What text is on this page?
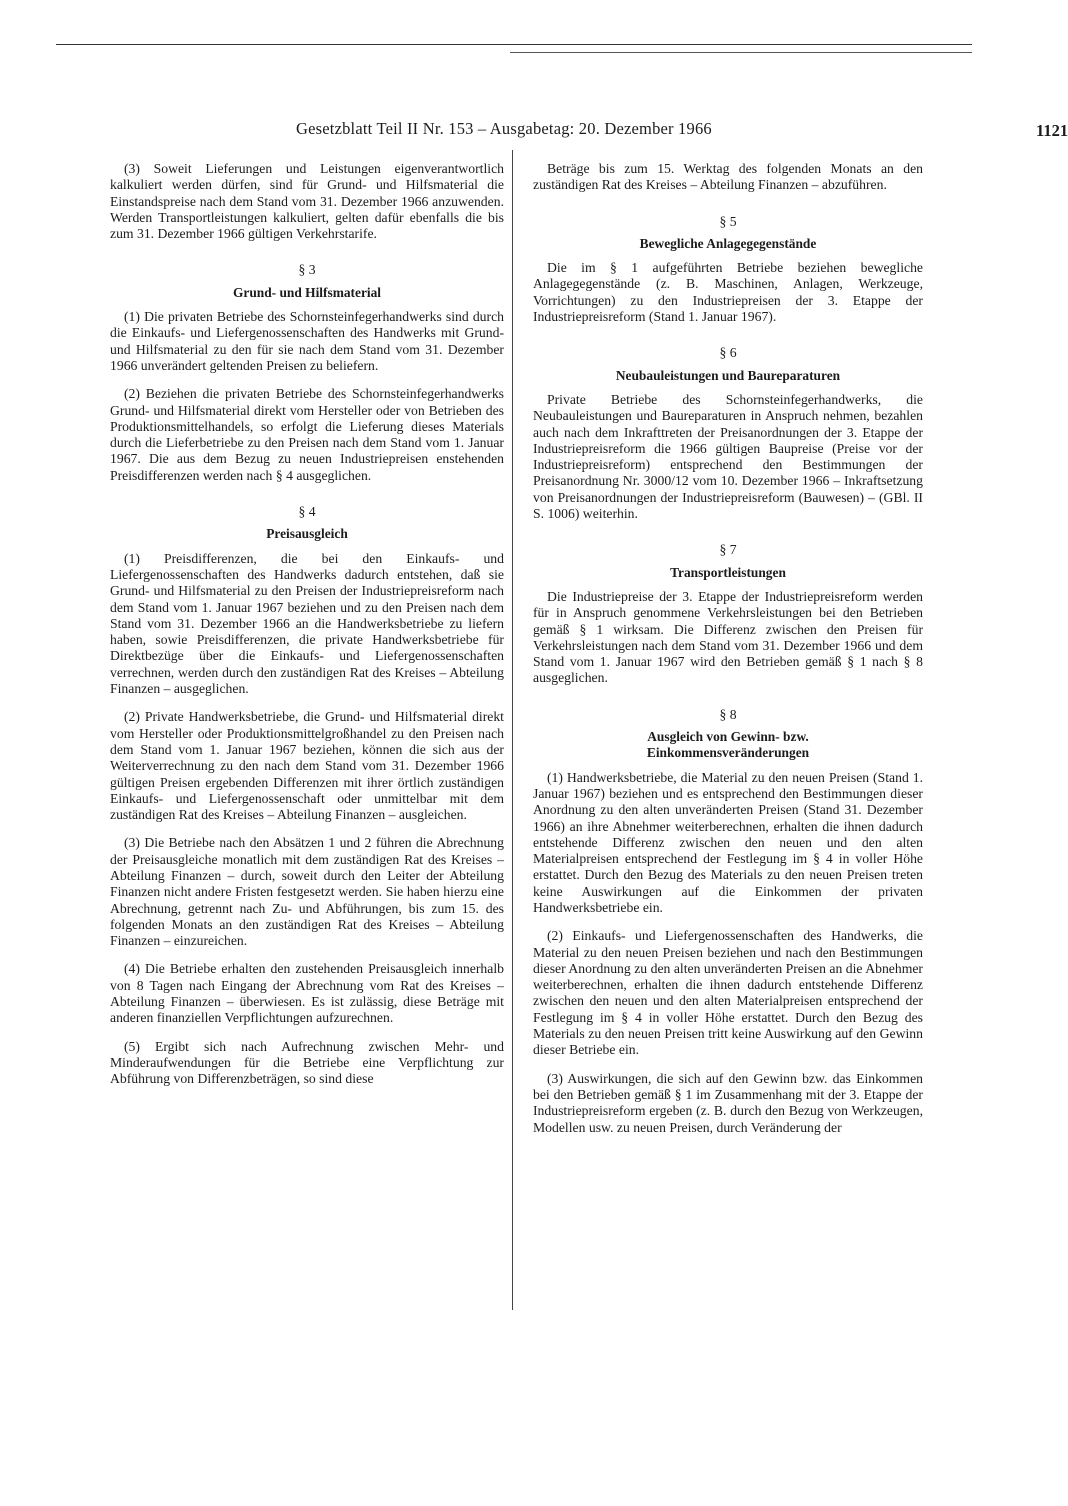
Gesetzblatt Teil II Nr. 153 – Ausgabetag: 20. Dezember 1966	1121

(3) Soweit Lieferungen und Leistungen eigenverantwortlich kalkuliert werden dürfen, sind für Grund- und Hilfsmaterial die Einstandspreise nach dem Stand vom 31. Dezember 1966 anzuwenden. Werden Transportleistungen kalkuliert, gelten dafür ebenfalls die bis zum 31. Dezember 1966 gültigen Verkehrstarife.

§ 3
Grund- und Hilfsmaterial

(1) Die privaten Betriebe des Schornsteinfegerhandwerks sind durch die Einkaufs- und Liefergenossenschaften des Handwerks mit Grund- und Hilfsmaterial zu den für sie nach dem Stand vom 31. Dezember 1966 unverändert geltenden Preisen zu beliefern.

(2) Beziehen die privaten Betriebe des Schornsteinfegerhandwerks Grund- und Hilfsmaterial direkt vom Hersteller oder von Betrieben des Produktionsmittelhandels, so erfolgt die Lieferung dieses Materials durch die Lieferbetriebe zu den Preisen nach dem Stand vom 1. Januar 1967. Die aus dem Bezug zu neuen Industriepreisen enstehenden Preisdifferenzen werden nach § 4 ausgeglichen.

§ 4
Preisausgleich

(1) Preisdifferenzen, die bei den Einkaufs- und Liefergenossenschaften des Handwerks dadurch entstehen, daß sie Grund- und Hilfsmaterial zu den Preisen der Industriepreisreform nach dem Stand vom 1. Januar 1967 beziehen und zu den Preisen nach dem Stand vom 31. Dezember 1966 an die Handwerksbetriebe zu liefern haben, sowie Preisdifferenzen, die private Handwerksbetriebe für Direktbezüge über die Einkaufs- und Liefergenossenschaften verrechnen, werden durch den zuständigen Rat des Kreises – Abteilung Finanzen – ausgeglichen.

(2) Private Handwerksbetriebe, die Grund- und Hilfsmaterial direkt vom Hersteller oder Produktionsmittelgroßhandel zu den Preisen nach dem Stand vom 1. Januar 1967 beziehen, können die sich aus der Weiterverrechnung zu den nach dem Stand vom 31. Dezember 1966 gültigen Preisen ergebenden Differenzen mit ihrer örtlich zuständigen Einkaufs- und Liefergenossenschaft oder unmittelbar mit dem zuständigen Rat des Kreises – Abteilung Finanzen – ausgleichen.

(3) Die Betriebe nach den Absätzen 1 und 2 führen die Abrechnung der Preisausgleiche monatlich mit dem zuständigen Rat des Kreises – Abteilung Finanzen – durch, soweit durch den Leiter der Abteilung Finanzen nicht andere Fristen festgesetzt werden. Sie haben hierzu eine Abrechnung, getrennt nach Zu- und Abführungen, bis zum 15. des folgenden Monats an den zuständigen Rat des Kreises – Abteilung Finanzen – einzureichen.

(4) Die Betriebe erhalten den zustehenden Preisausgleich innerhalb von 8 Tagen nach Eingang der Abrechnung vom Rat des Kreises – Abteilung Finanzen – überwiesen. Es ist zulässig, diese Beträge mit anderen finanziellen Verpflichtungen aufzurechnen.

(5) Ergibt sich nach Aufrechnung zwischen Mehr- und Minderaufwendungen für die Betriebe eine Verpflichtung zur Abführung von Differenzbeträgen, so sind diese

Beträge bis zum 15. Werktag des folgenden Monats an den zuständigen Rat des Kreises – Abteilung Finanzen – abzuführen.

§ 5
Bewegliche Anlagegegenstände

Die im § 1 aufgeführten Betriebe beziehen bewegliche Anlagegegenstände (z. B. Maschinen, Anlagen, Werkzeuge, Vorrichtungen) zu den Industriepreisen der 3. Etappe der Industriepreisreform (Stand 1. Januar 1967).

§ 6
Neubauleistungen und Baureparaturen

Private Betriebe des Schornsteinfegerhandwerks, die Neubauleistungen und Baureparaturen in Anspruch nehmen, bezahlen auch nach dem Inkrafttreten der Preisanordnungen der 3. Etappe der Industriepreisreform die 1966 gültigen Baupreise (Preise vor der Industriepreisreform) entsprechend den Bestimmungen der Preisanordnung Nr. 3000/12 vom 10. Dezember 1966 – Inkraftsetzung von Preisanordnungen der Industriepreisreform (Bauwesen) – (GBl. II S. 1006) weiterhin.

§ 7
Transportleistungen

Die Industriepreise der 3. Etappe der Industriepreisreform werden für in Anspruch genommene Verkehrsleistungen bei den Betrieben gemäß § 1 wirksam. Die Differenz zwischen den Preisen für Verkehrsleistungen nach dem Stand vom 31. Dezember 1966 und dem Stand vom 1. Januar 1967 wird den Betrieben gemäß § 1 nach § 8 ausgeglichen.

§ 8
Ausgleich von Gewinn- bzw.
Einkommensveränderungen

(1) Handwerksbetriebe, die Material zu den neuen Preisen (Stand 1. Januar 1967) beziehen und es entsprechend den Bestimmungen dieser Anordnung zu den alten unveränderten Preisen (Stand 31. Dezember 1966) an ihre Abnehmer weiterberechnen, erhalten die ihnen dadurch entstehende Differenz zwischen den neuen und den alten Materialpreisen entsprechend der Festlegung im § 4 in voller Höhe erstattet. Durch den Bezug des Materials zu den neuen Preisen treten keine Auswirkungen auf die Einkommen der privaten Handwerksbetriebe ein.

(2) Einkaufs- und Liefergenossenschaften des Handwerks, die Material zu den neuen Preisen beziehen und nach den Bestimmungen dieser Anordnung zu den alten unveränderten Preisen an die Abnehmer weiterberechnen, erhalten die ihnen dadurch entstehende Differenz zwischen den neuen und den alten Materialpreisen entsprechend der Festlegung im § 4 in voller Höhe erstattet. Durch den Bezug des Materials zu den neuen Preisen tritt keine Auswirkung auf den Gewinn dieser Betriebe ein.

(3) Auswirkungen, die sich auf den Gewinn bzw. das Einkommen bei den Betrieben gemäß § 1 im Zusammenhang mit der 3. Etappe der Industriepreisreform ergeben (z. B. durch den Bezug von Werkzeugen, Modellen usw. zu neuen Preisen, durch Veränderung der
